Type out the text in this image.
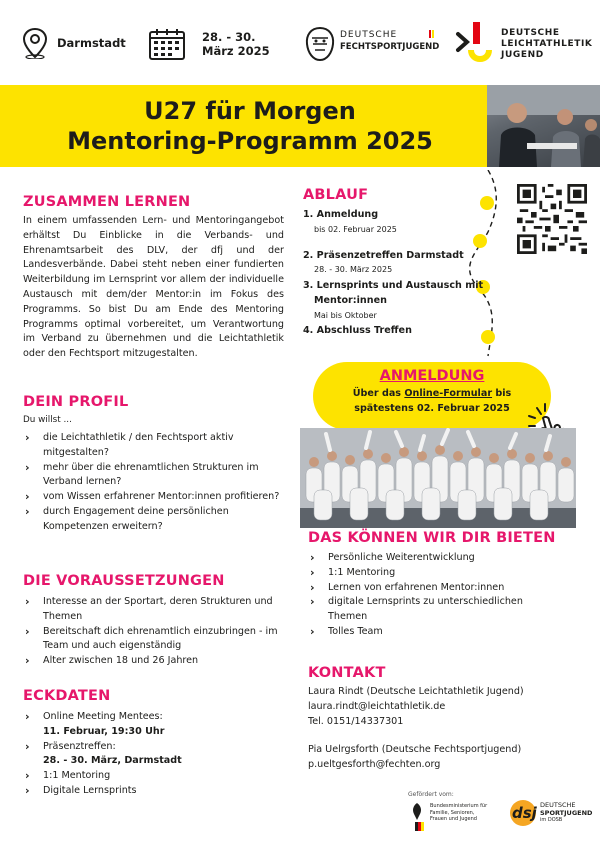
Darmstadt	28. - 30.
März 2025
DEUTSCHE
FECHTSPORTJUGEND
DEUTSCHE
LEICHTATHLETIK
JUGEND
U27 für Morgen
Mentoring-Programm 2025
ZUSAMMEN LERNEN
In einem umfassenden Lern- und Mentoringangebot erhältst Du Einblicke in die Verbands- und Ehrenamtsarbeit des DLV, der dfj und der Landesverbände. Dabei steht neben einer fundierten Weiterbildung im Lernsprint vor allem der individuelle Austausch mit dem/der Mentor:in im Fokus des Programms. So bist Du am Ende des Mentoring Programms optimal vorbereitet, um Verantwortung im Verband zu übernehmen und die Leichtathletik oder den Fechtsport mitzugestalten.
DEIN PROFIL
Du willst ...
› die Leichtathletik / den Fechtsport aktiv mitgestalten?
› mehr über die ehrenamtlichen Strukturen im Verband lernen?
› vom Wissen erfahrener Mentor:innen profitieren?
› durch Engagement deine persönlichen Kompetenzen erweitern?
DIE VORAUSSETZUNGEN
› Interesse an der Sportart, deren Strukturen und Themen
› Bereitschaft dich ehrenamtlich einzubringen - im Team und auch eigenständig
› Alter zwischen 18 und 26 Jahren
ECKDATEN
› Online Meeting Mentees:
11. Februar, 19:30 Uhr
› Präsenztreffen:
28. - 30. März, Darmstadt
› 1:1 Mentoring
› Digitale Lernsprints
ABLAUF
1. Anmeldung
bis 02. Februar 2025
2. Präsenzetreffen Darmstadt
28. - 30. März 2025
3. Lernsprints und Austausch mit
Mentor:innen
Mai bis Oktober
4. Abschluss Treffen
ANMELDUNG
Über das Online-Formular bis
spätestens 02. Februar 2025
DAS KÖNNEN WIR DIR BIETEN
› Persönliche Weiterentwicklung
› 1:1 Mentoring
› Lernen von erfahrenen Mentor:innen
› digitale Lernsprints zu unterschiedlichen Themen
› Tolles Team
KONTAKT
Laura Rindt (Deutsche Leichtathletik Jugend)
laura.rindt@leichtathletik.de
Tel. 0151/14337301
Pia Uelrgsforth (Deutsche Fechtsportjugend)
p.ueltgesforth@fechten.org
Gefördert vom:
Bundesministerium für Familie, Senioren, Frauen und Jugend	dsj DEUTSCHE
SPORTJUGEND
im DOSB
